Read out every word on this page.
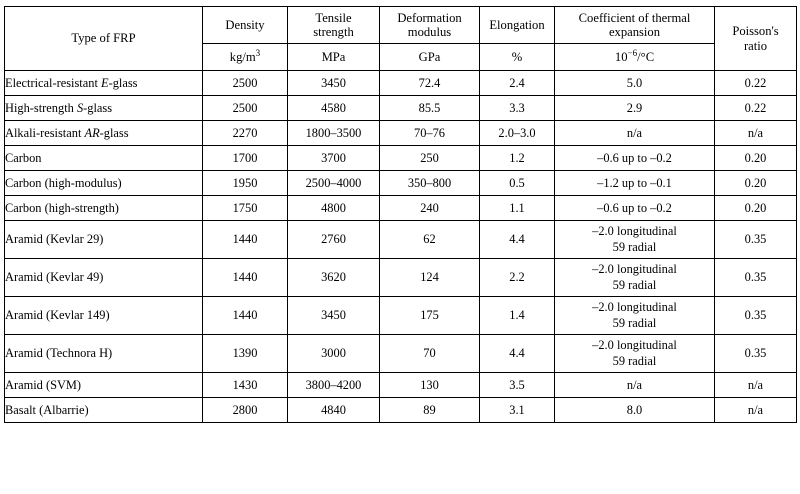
Type of FRP	Density	Tensile
strength	Deformation
modulus	Elongation	Coefficient of thermal
expansion	Poisson's
ratio
	$kg/m^3$	MPa	GPa	%	$10^{-6}/^\circ C$	
Electrical-resistant E-glass	2500	3450	72.4	2.4	5.0	0.22
High-strength S-glass	2500	4580	85.5	3.3	2.9	0.22
Alkali-resistant AR-glass	2270	1800–3500	70–76	2.0–3.0	n/a	n/a
Carbon	1700	3700	250	1.2	–0.6 up to –0.2	0.20
Carbon (high-modulus)	1950	2500–4000	350–800	0.5	–1.2 up to –0.1	0.20
Carbon (high-strength)	1750	4800	240	1.1	–0.6 up to –0.2	0.20
Aramid (Kevlar 29)	1440	2760	62	4.4	–2.0 longitudinal
59 radial	0.35
Aramid (Kevlar 49)	1440	3620	124	2.2	–2.0 longitudinal
59 radial	0.35
Aramid (Kevlar 149)	1440	3450	175	1.4	–2.0 longitudinal
59 radial	0.35
Aramid (Technora H)	1390	3000	70	4.4	–2.0 longitudinal
59 radial	0.35
Aramid (SVM)	1430	3800–4200	130	3.5	n/a	n/a
Basalt (Albarrie)	2800	4840	89	3.1	8.0	n/a
